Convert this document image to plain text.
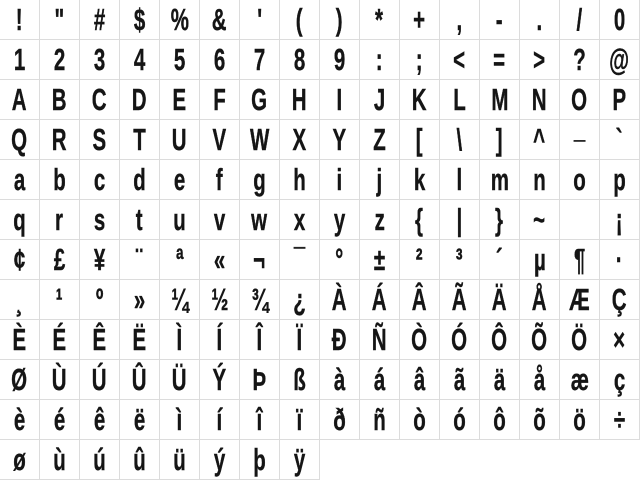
! " # $ % & ' ( ) * + , - . / 0
1 2 3 4 5 6 7 8 9 : ; < = > ? @
A B C D E F G H I J K L M N O P
Q R S T U V W X Y Z [ \ ] ^ _ `
a b c d e f g h i j k l m n o p
q r s t u v w x y z { | } ~
¡
¢ £ ¥ ¨ ª « ¬ ¯ ° ± ² ³ ´ µ ¶ ·
¸ ¹ º » ¼ ½ ¾ ¿ À Á Â Ã Ä Å Æ Ç
È É Ê Ë Ì Í Î Ï Ð Ñ Ò Ó Ô Õ Ö ×
Ø Ù Ú Û Ü Ý Þ ß à á â ã ä å æ ç
è é ê ë ì í î ï ð ñ ò ó ô õ ö ÷
ø ù ú û ü ý þ ÿ
